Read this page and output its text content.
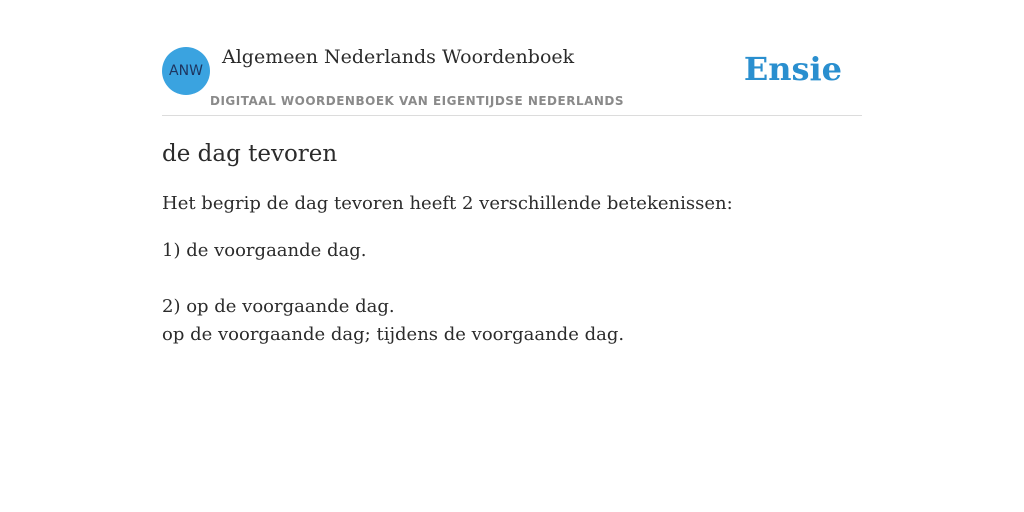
ANW
Algemeen Nederlands Woordenboek
DIGITAAL WOORDENBOEK VAN EIGENTIJDSE NEDERLANDS
Ensie
de dag tevoren

Het begrip de dag tevoren heeft 2 verschillende betekenissen:

1) de voorgaande dag.
2) op de voorgaande dag.
op de voorgaande dag; tijdens de voorgaande dag.
